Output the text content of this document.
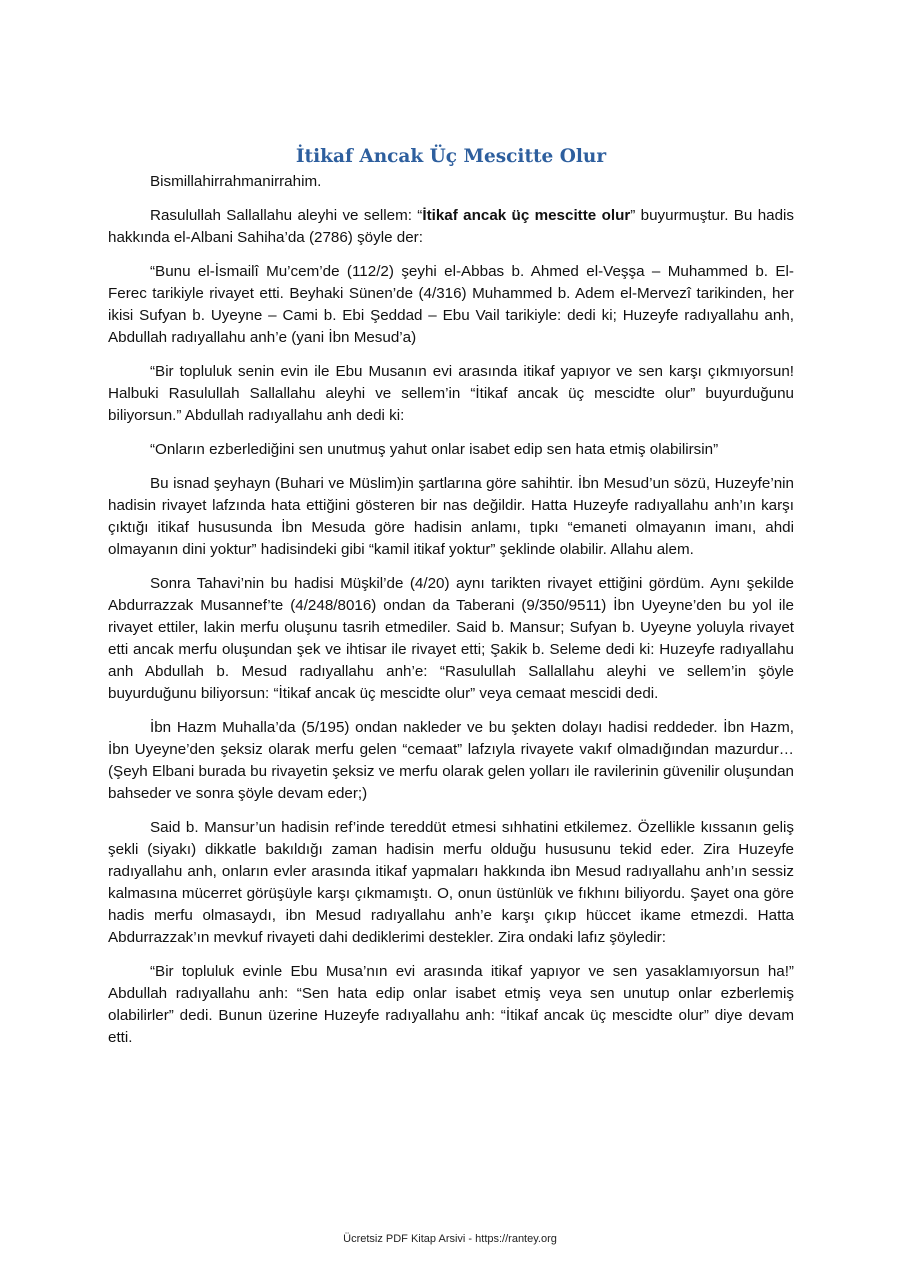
İtikaf Ancak Üç Mescitte Olur
Bismillahirrahmanirrahim.

Rasulullah Sallallahu aleyhi ve sellem: “İtikaf ancak üç mescitte olur” buyurmuştur. Bu hadis hakkında el-Albani Sahiha’da (2786) şöyle der:

“Bunu el-İsmailî Mu’cem’de (112/2) şeyhi el-Abbas b. Ahmed el-Veşşa – Muhammed b. El-Ferec tarikiyle rivayet etti. Beyhaki Sünen’de (4/316) Muhammed b. Adem el-Mervezî tarikinden, her ikisi Sufyan b. Uyeyne – Cami b. Ebi Şeddad – Ebu Vail tarikiyle: dedi ki; Huzeyfe radıyallahu anh, Abdullah radıyallahu anh’e (yani İbn Mesud’a)

“Bir topluluk senin evin ile Ebu Musanın evi arasında itikaf yapıyor ve sen karşı çıkmıyorsun! Halbuki Rasulullah Sallallahu aleyhi ve sellem’in “İtikaf ancak üç mescidte olur” buyurduğunu biliyorsun.” Abdullah radıyallahu anh dedi ki:

“Onların ezberlediğini sen unutmuş yahut onlar isabet edip sen hata etmiş olabilirsin”

Bu isnad şeyhayn (Buhari ve Müslim)in şartlarına göre sahihtir. İbn Mesud’un sözü, Huzeyfe’nin hadisin rivayet lafzında hata ettiğini gösteren bir nas değildir. Hatta Huzeyfe radıyallahu anh’ın karşı çıktığı itikaf hususunda İbn Mesuda göre hadisin anlamı, tıpkı “emaneti olmayanın imanı, ahdi olmayanın dini yoktur” hadisindeki gibi “kamil itikaf yoktur” şeklinde olabilir. Allahu alem.

Sonra Tahavi’nin bu hadisi Müşkil’de (4/20) aynı tarikten rivayet ettiğini gördüm. Aynı şekilde Abdurrazzak Musannef’te (4/248/8016) ondan da Taberani (9/350/9511) İbn Uyeyne’den bu yol ile rivayet ettiler, lakin merfu oluşunu tasrih etmediler. Said b. Mansur; Sufyan b. Uyeyne yoluyla rivayet etti ancak merfu oluşundan şek ve ihtisar ile rivayet etti; Şakik b. Seleme dedi ki: Huzeyfe radıyallahu anh Abdullah b. Mesud radıyallahu anh’e: “Rasulullah Sallallahu aleyhi ve sellem’in şöyle buyurduğunu biliyorsun: “İtikaf ancak üç mescidte olur” veya cemaat mescidi dedi.

İbn Hazm Muhalla’da (5/195) ondan nakleder ve bu şekten dolayı hadisi reddeder. İbn Hazm, İbn Uyeyne’den şeksiz olarak merfu gelen “cemaat” lafzıyla rivayete vakıf olmadığından mazurdur… (Şeyh Elbani burada bu rivayetin şeksiz ve merfu olarak gelen yolları ile ravilerinin güvenilir oluşundan bahseder ve sonra şöyle devam eder;)

Said b. Mansur’un hadisin ref’inde tereddüt etmesi sıhhatini etkilemez. Özellikle kıssanın geliş şekli (siyakı) dikkatle bakıldığı zaman hadisin merfu olduğu hususunu tekid eder. Zira Huzeyfe radıyallahu anh, onların evler arasında itikaf yapmaları hakkında ibn Mesud radıyallahu anh’ın sessiz kalmasına mücerret görüşüyle karşı çıkmamıştı. O, onun üstünlük ve fıkhını biliyordu. Şayet ona göre hadis merfu olmasaydı, ibn Mesud radıyallahu anh’e karşı çıkıp hüccet ikame etmezdi. Hatta Abdurrazzak’ın mevkuf rivayeti dahi dediklerimi destekler. Zira ondaki lafız şöyledir:

“Bir topluluk evinle Ebu Musa’nın evi arasında itikaf yapıyor ve sen yasaklamıyorsun ha!” Abdullah radıyallahu anh: “Sen hata edip onlar isabet etmiş veya sen unutup onlar ezberlemiş olabilirler” dedi. Bunun üzerine Huzeyfe radıyallahu anh: “İtikaf ancak üç mescidte olur” diye devam etti.

Ücretsiz PDF Kitap Arsivi - https://rantey.org
